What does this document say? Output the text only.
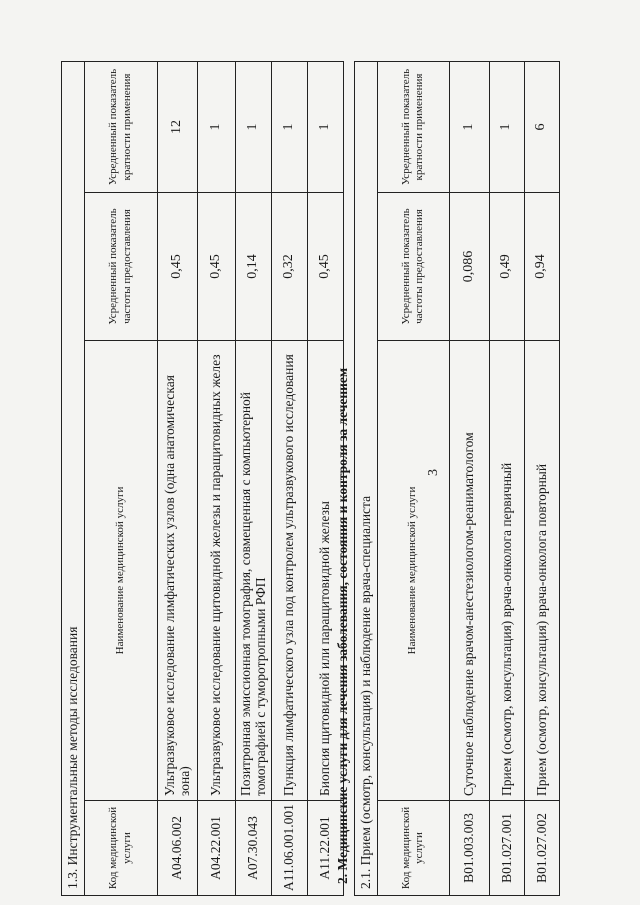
3
1.3. Инструментальные методы исследования			
Код медицинской услуги	Наименование медицинской услуги	Усредненный показатель частоты предоставления	Усредненный показатель кратности применения
A04.06.002	Ультразвуковое исследование лимфатических узлов (одна анатомическая зона)	0,45	12
A04.22.001	Ультразвуковое исследование щитовидной железы и паращитовидных желез	0,45	1
A07.30.043	Позитронная эмиссионная томография, совмещенная с компьютерной томографией с туморотропными РФП	0,14	1
A11.06.001.001	Пункция лимфатического узла под контролем ультразвукового исследования	0,32	1
A11.22.001	Биопсия щитовидной или паращитовидной железы	0,45	1
2. Медицинские услуги для лечения заболевания, состояния и контроля за лечением 2.1. Прием (осмотр, консультация) и наблюдение врача-специалиста			
Код медицинской услуги	Наименование медицинской услуги	Усредненный показатель частоты предоставления	Усредненный показатель кратности применения
B01.003.003	Суточное наблюдение врачом-анестезиологом-реаниматологом	0,086	1
B01.027.001	Прием (осмотр, консультация) врача-онколога первичный	0,49	1
B01.027.002	Прием (осмотр, консультация) врача-онколога повторный	0,94	6
